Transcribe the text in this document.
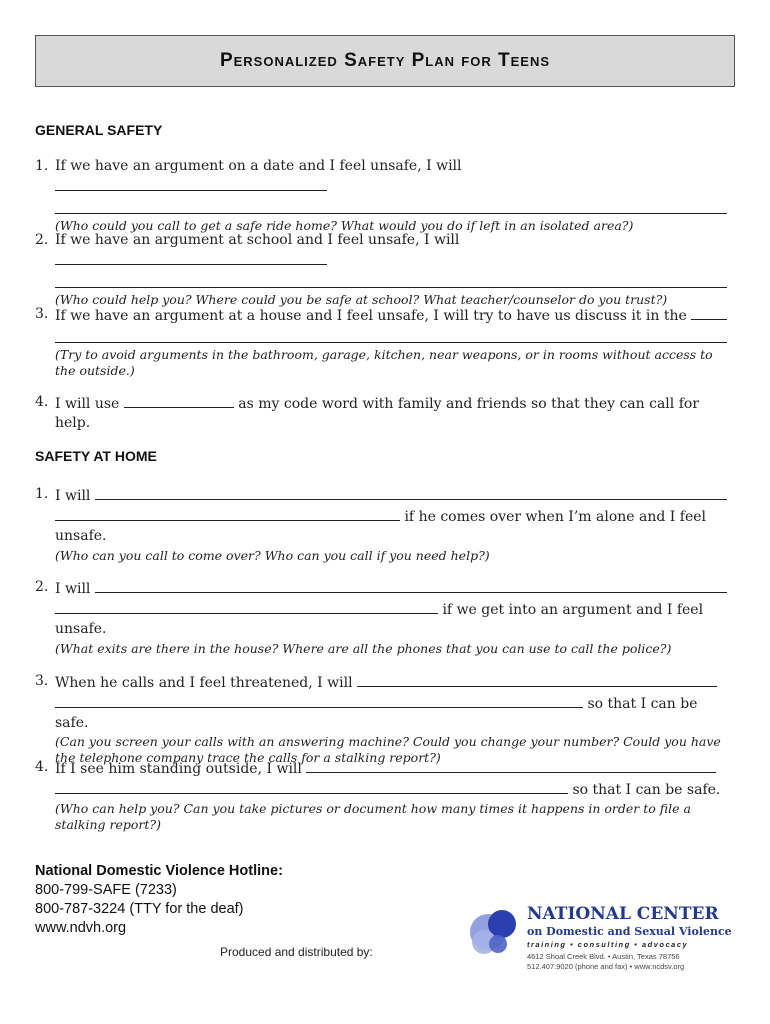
Personalized Safety Plan for Teens
GENERAL SAFETY
1. If we have an argument on a date and I feel unsafe, I will
(Who could you call to get a safe ride home? What would you do if left in an isolated area?)
2. If we have an argument at school and I feel unsafe, I will
(Who could help you? Where could you be safe at school? What teacher/counselor do you trust?)
3. If we have an argument at a house and I feel unsafe, I will try to have us discuss it in the
(Try to avoid arguments in the bathroom, garage, kitchen, near weapons, or in rooms without access to the outside.)
4. I will use	as my code word with family and friends so that they can call for help.
SAFETY AT HOME
1. I will
if he comes over when I’m alone and I feel
unsafe.
(Who can you call to come over? Who can you call if you need help?)
2. I will
if we get into an argument and I feel
unsafe.
(What exits are there in the house? Where are all the phones that you can use to call the police?)
3. When he calls and I feel threatened, I will
so that I can be safe.
(Can you screen your calls with an answering machine? Could you change your number? Could you have the telephone company trace the calls for a stalking report?)
4. If I see him standing outside, I will
so that I can be safe.
(Who can help you? Can you take pictures or document how many times it happens in order to file a stalking report?)
National Domestic Violence Hotline:
800-799-SAFE (7233)
800-787-3224 (TTY for the deaf)
www.ndvh.org
Produced and distributed by:
NATIONAL CENTER
on Domestic and Sexual Violence
training • consulting • advocacy
4612 Shoal Creek Blvd. • Austin, Texas 78756
512.407.9020 (phone and fax) • www.ncdsv.org
